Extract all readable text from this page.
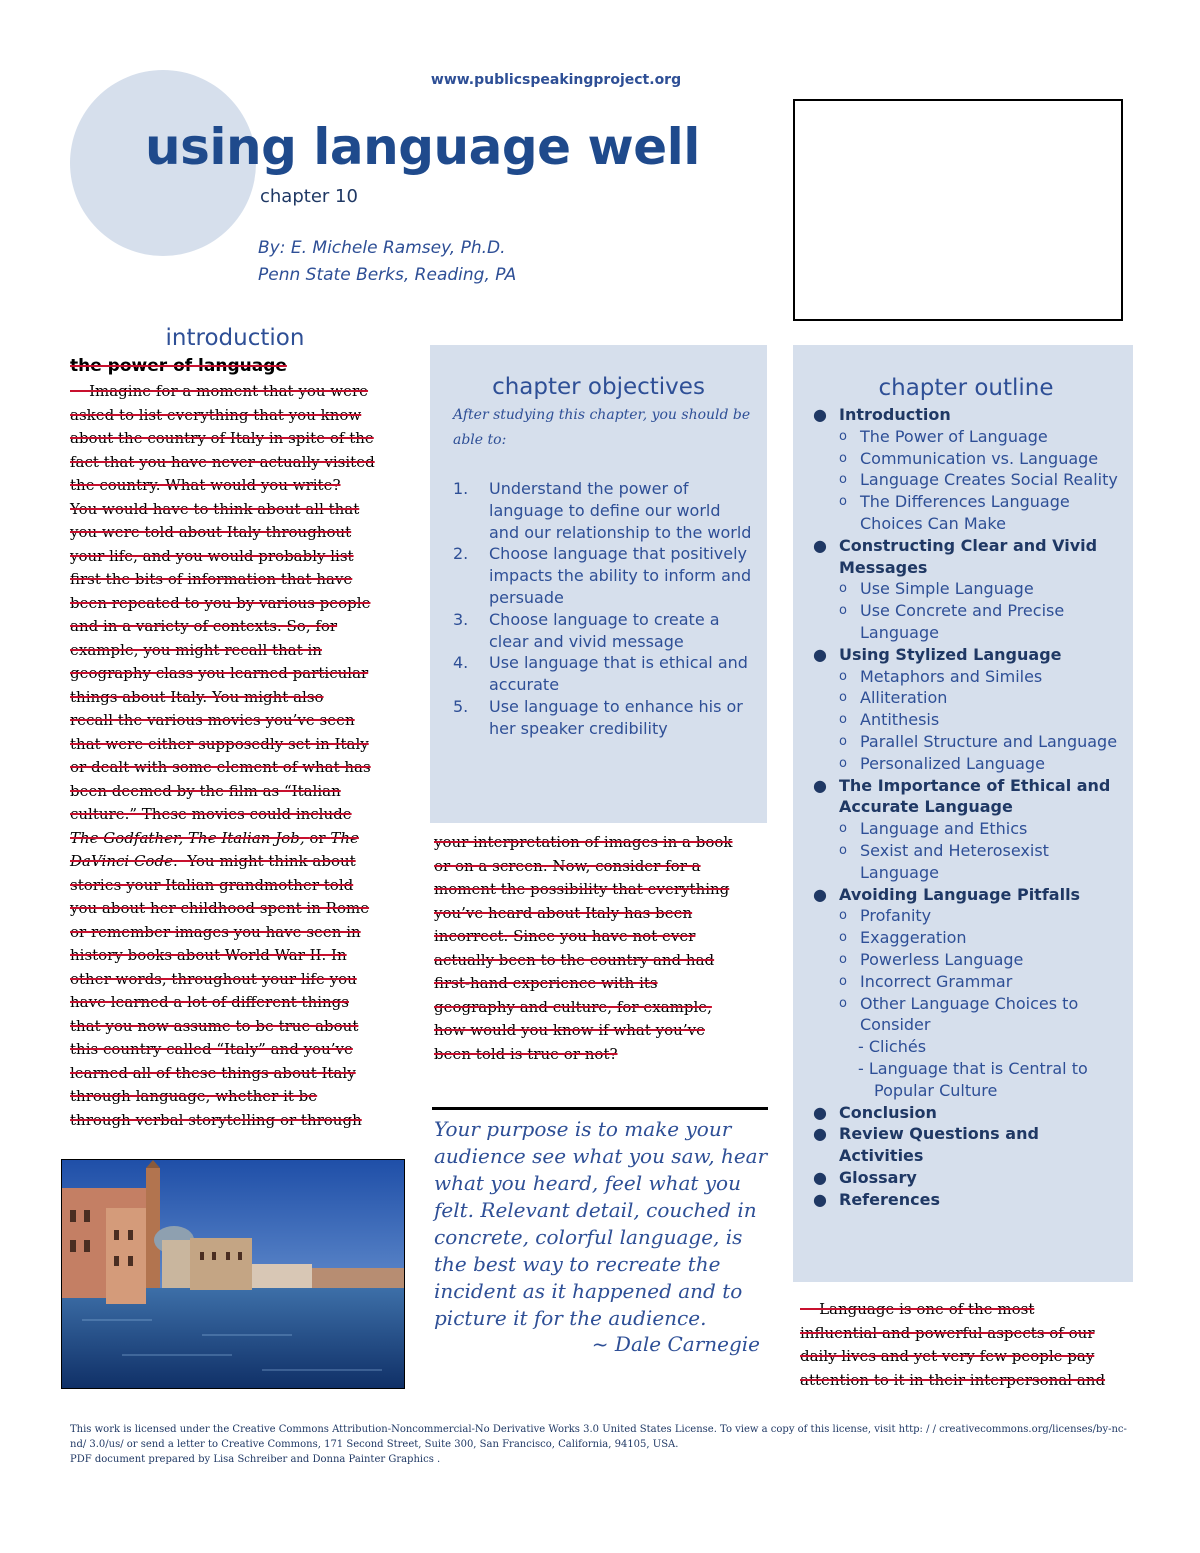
www.publicspeakingproject.org
using language well
chapter 10
By: E. Michele Ramsey, Ph.D.
Penn State Berks, Reading, PA
introduction
the power of language
Imagine for a moment that you were
asked to list everything that you know
about the country of Italy in spite of the
fact that you have never actually visited
the country. What would you write?
You would have to think about all that
you were told about Italy throughout
your life, and you would probably list
first the bits of information that have
been repeated to you by various people
and in a variety of contexts. So, for
example, you might recall that in
geography class you learned particular
things about Italy. You might also
recall the various movies you’ve seen
that were either supposedly set in Italy
or dealt with some element of what has
been deemed by the film as “Italian
culture.” These movies could include
The Godfather, The Italian Job, or The
DaVinci Code.  You might think about
stories your Italian grandmother told
you about her childhood spent in Rome
or remember images you have seen in
history books about World War II. In
other words, throughout your life you
have learned a lot of different things
that you now assume to be true about
this country called “Italy” and you’ve
learned all of these things about Italy
through language, whether it be
through verbal storytelling or through
chapter objectives
After studying this chapter, you should be able to:
1.	Understand the power of language to define our world and our relationship to the world
2.	Choose language that positively impacts the ability to inform and persuade
3.	Choose language to create a clear and vivid message
4.	Use language that is ethical and accurate
5.	Use language to enhance his or her speaker credibility
your interpretation of images in a book
or on a screen. Now, consider for a
moment the possibility that everything
you’ve heard about Italy has been
incorrect. Since you have not ever
actually been to the country and had
first-hand experience with its
geography and culture, for example,
how would you know if what you’ve
been told is true or not?
Your purpose is to make your audience see what you saw, hear what you heard, feel what you felt. Relevant detail, couched in concrete, colorful language, is the best way to recreate the incident as it happened and to picture it for the audience.
~ Dale Carnegie
chapter outline
● Introduction
o The Power of Language
o Communication vs. Language
o Language Creates Social Reality
o The Differences Language Choices Can Make
● Constructing Clear and Vivid Messages
o Use Simple Language
o Use Concrete and Precise Language
● Using Stylized Language
o Metaphors and Similes
o Alliteration
o Antithesis
o Parallel Structure and Language
o Personalized Language
● The Importance of Ethical and Accurate Language
o Language and Ethics
o Sexist and Heterosexist Language
● Avoiding Language Pitfalls
o Profanity
o Exaggeration
o Powerless Language
o Incorrect Grammar
o Other Language Choices to Consider
- Clichés
- Language that is Central to
Popular Culture
● Conclusion
● Review Questions and Activities
● Glossary
● References
Language is one of the most
influential and powerful aspects of our
daily lives and yet very few people pay
attention to it in their interpersonal and
This work is licensed under the Creative Commons Attribution-Noncommercial-No Derivative Works 3.0 United States License. To view a copy of this license, visit http: / / creativecommons.org/licenses/by-nc-nd/ 3.0/us/ or send a letter to Creative Commons, 171 Second Street, Suite 300, San Francisco, California, 94105, USA.
PDF document prepared by Lisa Schreiber and Donna Painter Graphics .
